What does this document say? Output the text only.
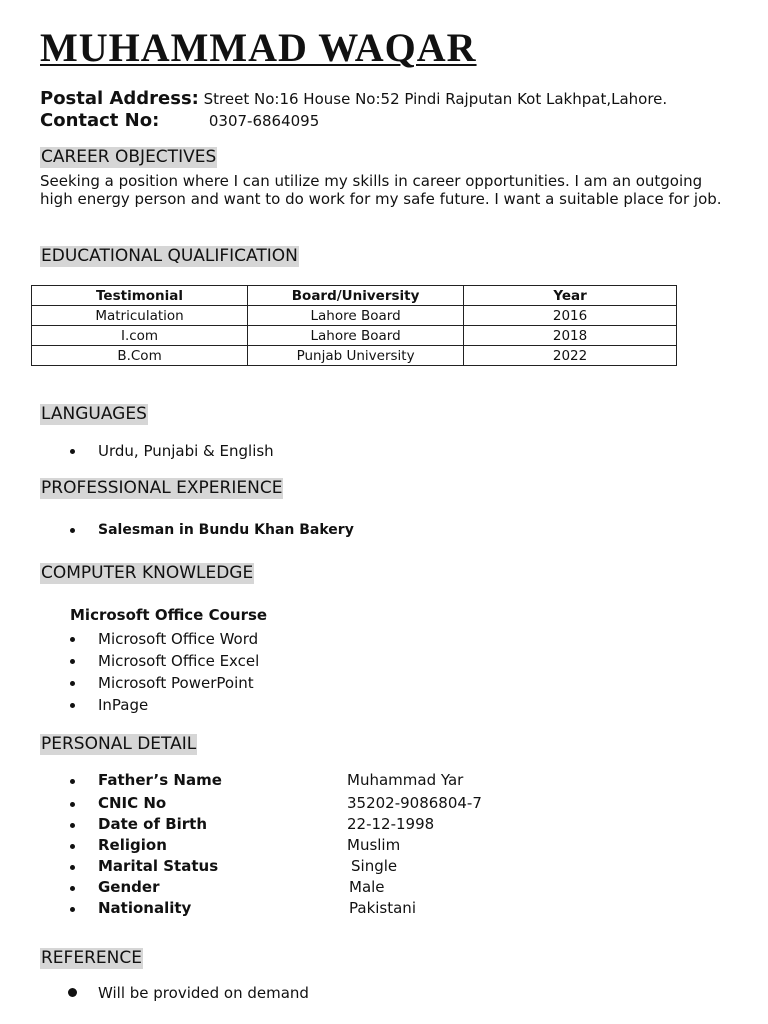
MUHAMMAD WAQAR
Postal Address: Street No:16 House No:52 Pindi Rajputan Kot Lakhpat,Lahore.
Contact No:	0307-6864095
CAREER OBJECTIVES

Seeking a position where I can utilize my skills in career opportunities. I am an outgoing high energy person and want to do work for my safe future. I want a suitable place for job.

EDUCATIONAL QUALIFICATION
Testimonial	Board/University	Year
Matriculation	Lahore Board	2016
I.com	Lahore Board	2018
B.Com	Punjab University	2022
LANGUAGES
Urdu, Punjabi & English
PROFESSIONAL EXPERIENCE
Salesman in Bundu Khan Bakery
COMPUTER KNOWLEDGE
Microsoft Office Course
Microsoft Office Word
Microsoft Office Excel
Microsoft PowerPoint
InPage
PERSONAL DETAIL
Father’s Name	Muhammad Yar
CNIC No	35202-9086804-7
Date of Birth	22-12-1998
Religion	Muslim
Marital Status	Single
Gender	Male
Nationality	Pakistani
REFERENCE
Will be provided on demand
